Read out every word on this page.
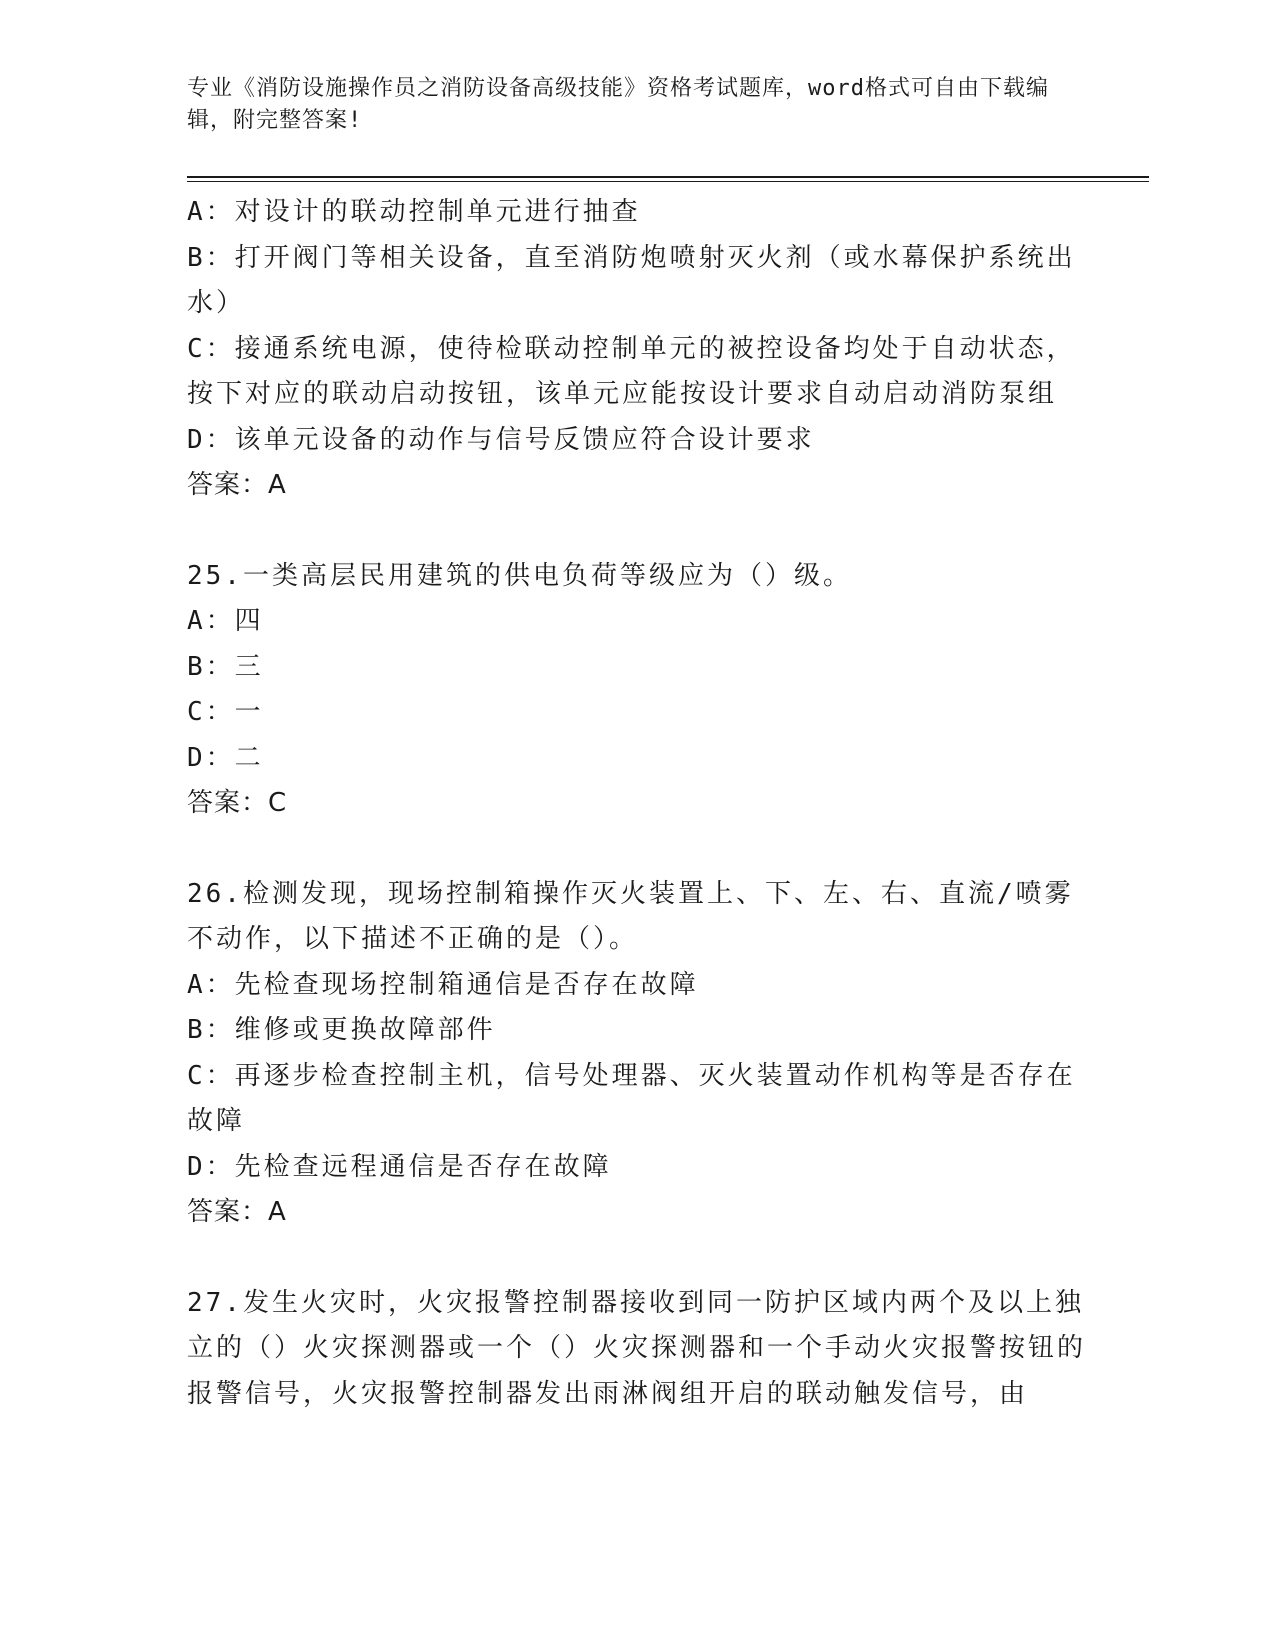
专业《消防设施操作员之消防设备高级技能》资格考试题库，word格式可自由下载编辑，附完整答案!
A：对设计的联动控制单元进行抽查
B：打开阀门等相关设备，直至消防炮喷射灭火剂（或水幕保护系统出水）
C：接通系统电源，使待检联动控制单元的被控设备均处于自动状态，按下对应的联动启动按钮，该单元应能按设计要求自动启动消防泵组
D：该单元设备的动作与信号反馈应符合设计要求
答案：A
25.一类高层民用建筑的供电负荷等级应为（）级。
A：四
B：三
C：一
D：二
答案：C
26.检测发现，现场控制箱操作灭火装置上、下、左、右、直流/喷雾不动作，以下描述不正确的是（）。
A：先检查现场控制箱通信是否存在故障
B：维修或更换故障部件
C：再逐步检查控制主机，信号处理器、灭火装置动作机构等是否存在故障
D：先检查远程通信是否存在故障
答案：A
27.发生火灾时，火灾报警控制器接收到同一防护区域内两个及以上独立的（）火灾探测器或一个（）火灾探测器和一个手动火灾报警按钮的报警信号，火灾报警控制器发出雨淋阀组开启的联动触发信号，由
